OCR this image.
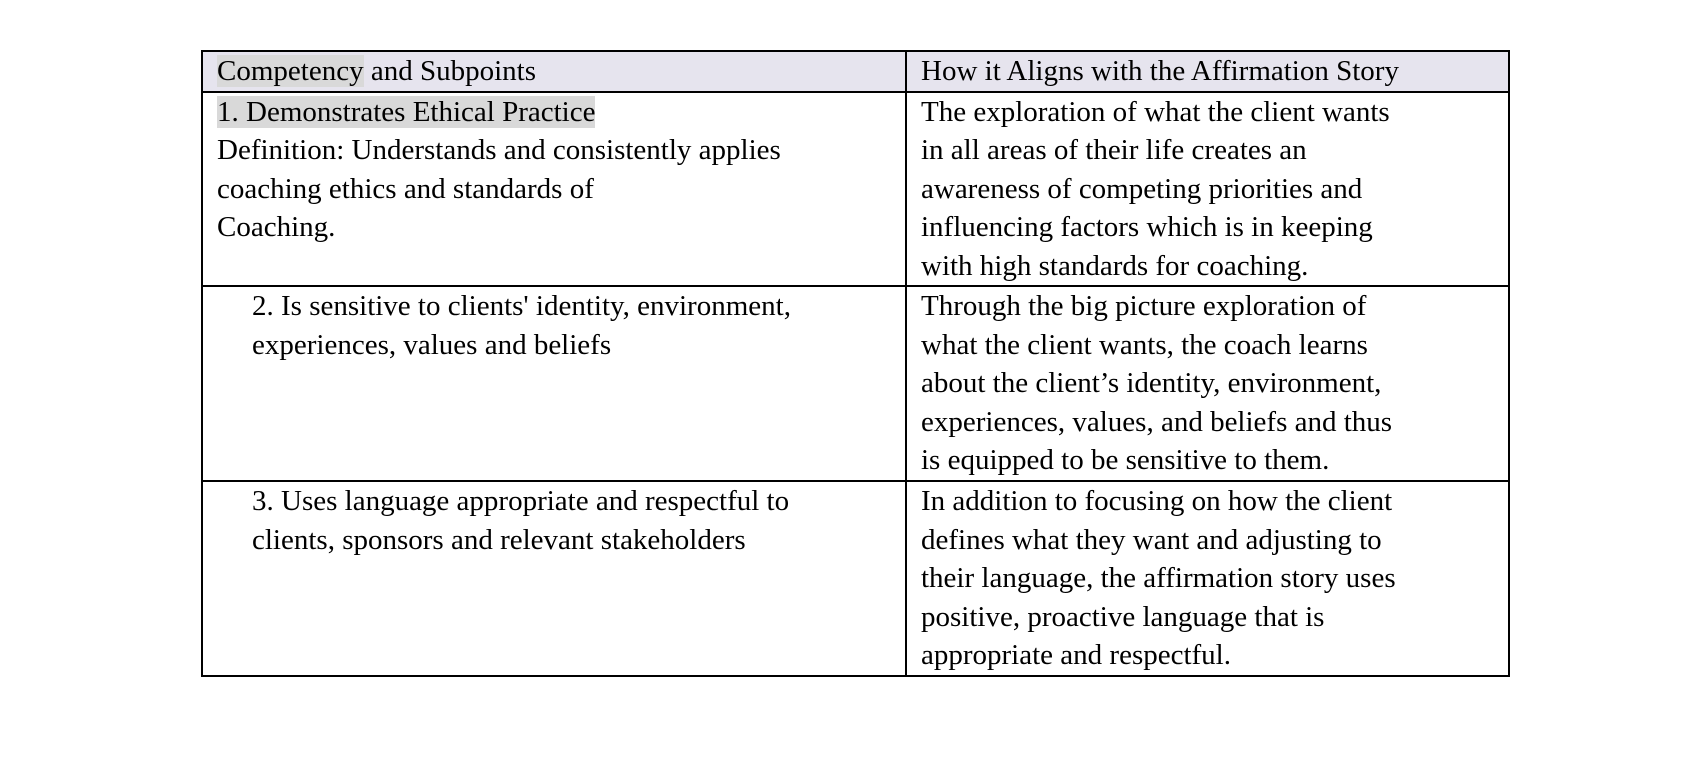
Competency and Subpoints	How it Aligns with the Affirmation Story

1. Demonstrates Ethical Practice
Definition: Understands and consistently applies
coaching ethics and standards of
Coaching.	The exploration of what the client wants
in all areas of their life creates an
awareness of competing priorities and
influencing factors which is in keeping
with high standards for coaching.

2. Is sensitive to clients' identity, environment,
experiences, values and beliefs	Through the big picture exploration of
what the client wants, the coach learns
about the client’s identity, environment,
experiences, values, and beliefs and thus
is equipped to be sensitive to them.

3. Uses language appropriate and respectful to
clients, sponsors and relevant stakeholders	In addition to focusing on how the client
defines what they want and adjusting to
their language, the affirmation story uses
positive, proactive language that is
appropriate and respectful.
